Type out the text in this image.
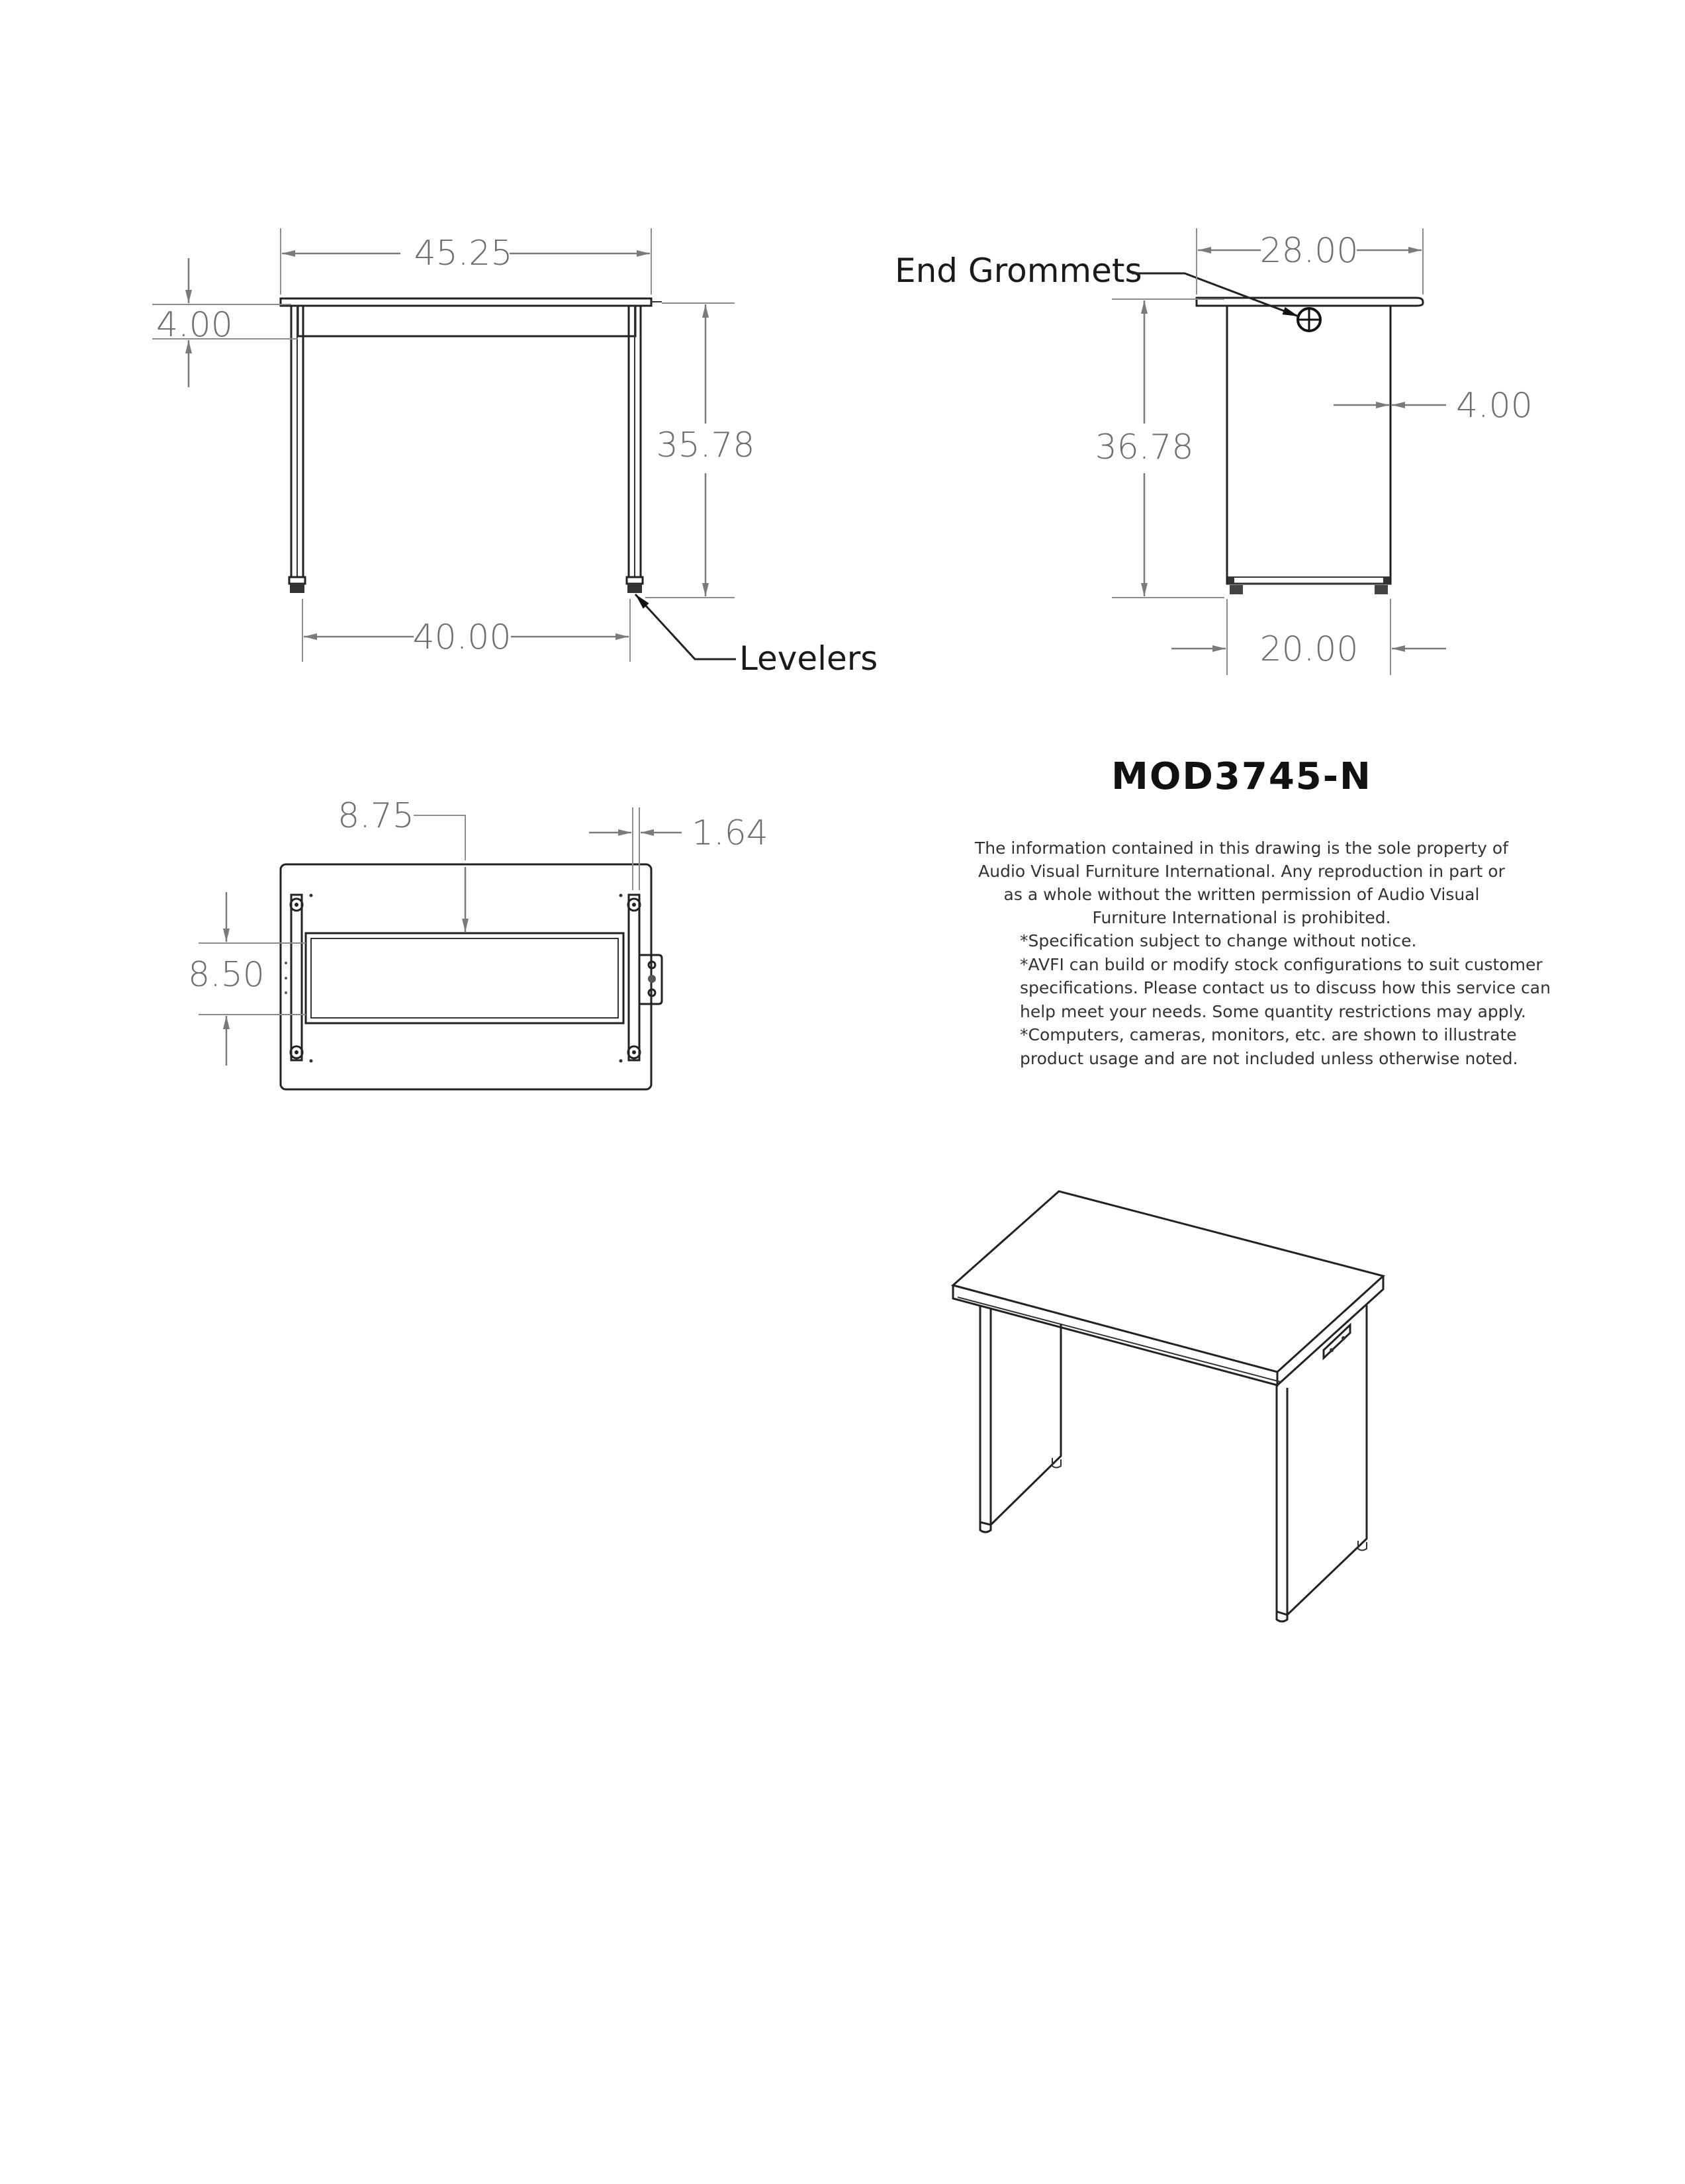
45.25
4.00
35.78
40.00
Levelers
End Grommets	28.00
36.78
4.00
20.00
8.75	1.64
8.50
MOD3745-N
The information contained in this drawing is the sole property of
Audio Visual Furniture International. Any reproduction in part or
as a whole without the written permission of Audio Visual
Furniture International is prohibited.
*Specification subject to change without notice.
*AVFI can build or modify stock configurations to suit customer
specifications. Please contact us to discuss how this service can
help meet your needs. Some quantity restrictions may apply.
*Computers, cameras, monitors, etc. are shown to illustrate
product usage and are not included unless otherwise noted.
